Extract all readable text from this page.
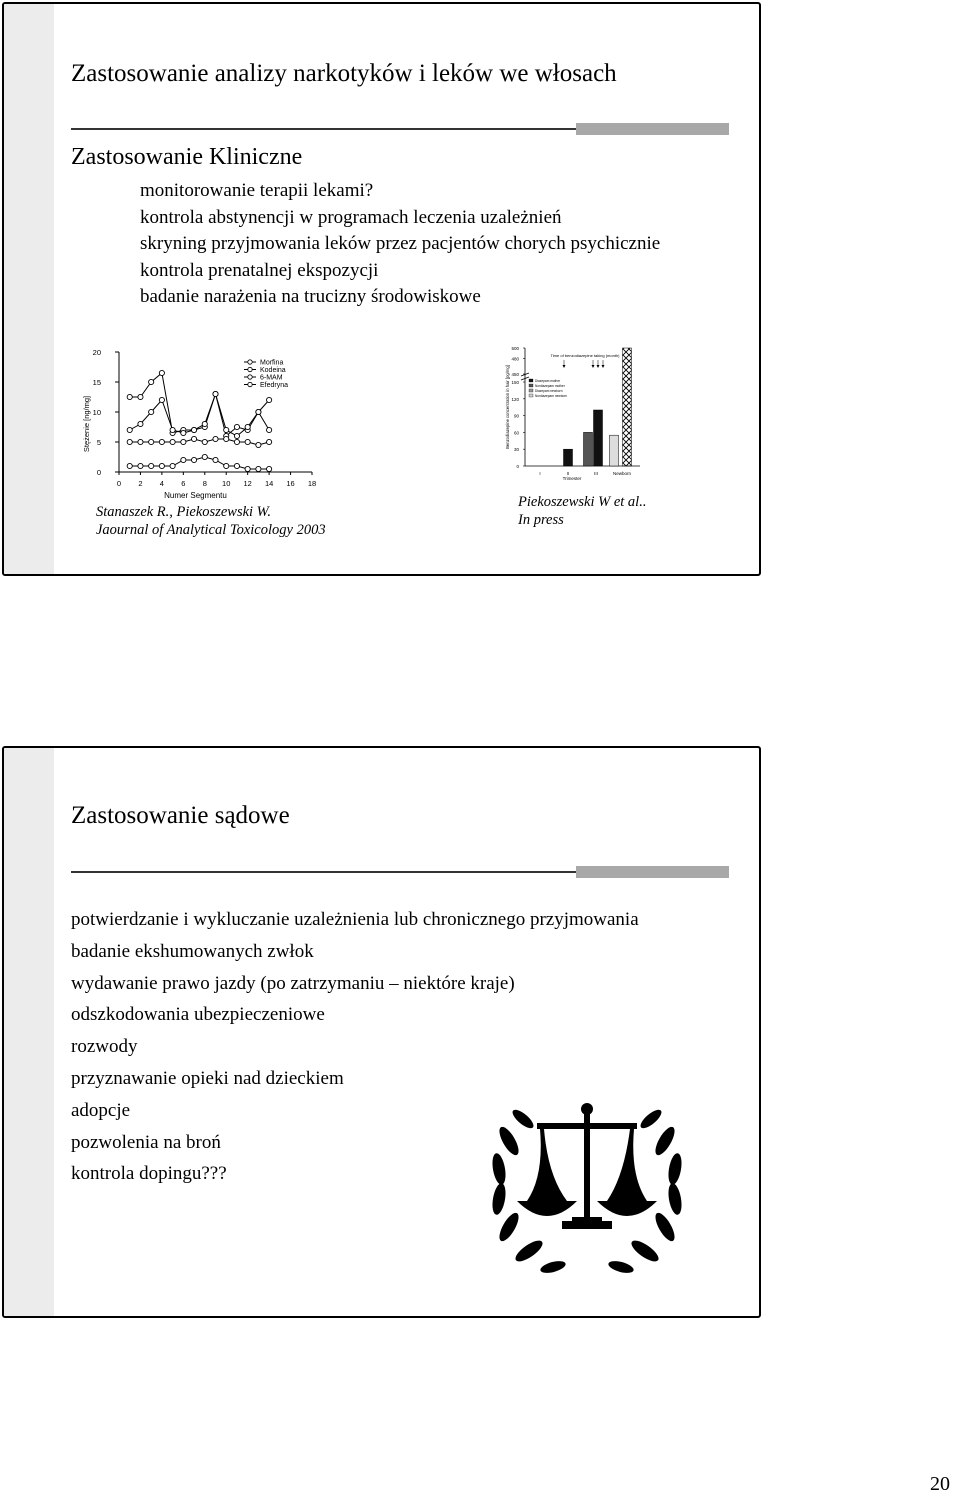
Zastosowanie analizy narkotyków i leków we włosach
Zastosowanie Kliniczne
monitorowanie terapii lekami?
kontrola abstynencji w programach leczenia uzależnień
skryning przyjmowania leków przez pacjentów chorych psychicznie
kontrola prenatalnej ekspozycji
badanie narażenia na trucizny środowiskowe
0
5
10
15
20
0 2 4 6 8 10 12 14 16 18
Numer Segmentu
Stężenie [ng/mg]
Morfina
Kodeina
6-MAM
Efedryna
Stanaszek R., Piekoszewski W.
Jaournal of Analytical Toxicology 2003
0
30
60
90
120
150
450
480
500
Benzodiazepine concentration in hair [pg/mg]
Time of benzodiazepine taking (month)
Diazepam mother
Nordiazepam mother
Diazepam newborn
Nordiazepam newborn
I	II	III	Newborn
Trimester
Piekoszewski W et al..
In press
Zastosowanie sądowe
potwierdzanie i wykluczanie uzależnienia lub chronicznego przyjmowania
badanie ekshumowanych zwłok
wydawanie prawo jazdy (po zatrzymaniu – niektóre kraje)
odszkodowania ubezpieczeniowe
rozwody
przyznawanie opieki nad dzieckiem
adopcje
pozwolenia na broń
kontrola dopingu???
20
